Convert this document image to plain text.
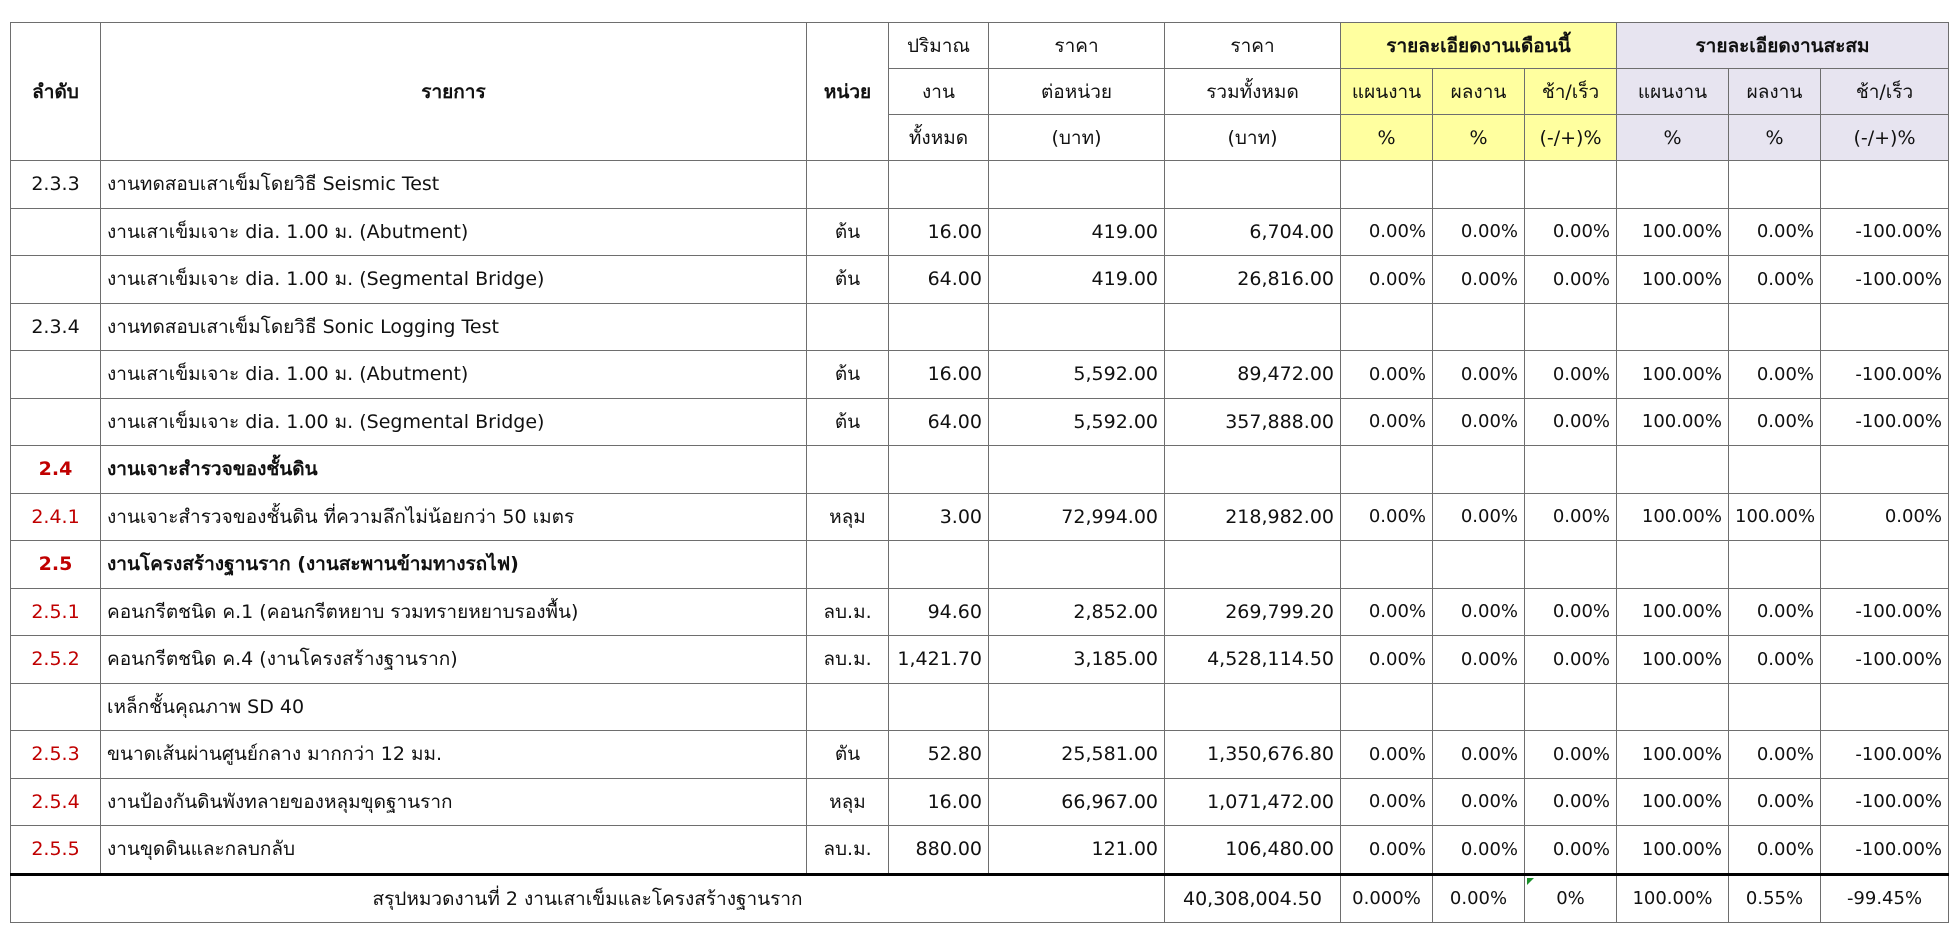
ลำดับ	รายการ	หน่วย	ปริมาณ	ราคา	ราคา	รายละเอียดงานเดือนนี้			รายละเอียดงานสะสม		
			งาน	ต่อหน่วย	รวมทั้งหมด	แผนงาน	ผลงาน	ช้า/เร็ว	แผนงาน	ผลงาน	ช้า/เร็ว
			ทั้งหมด	(บาท)	(บาท)	%	%	(-/+)%	%	%	(-/+)%
2.3.3	งานทดสอบเสาเข็มโดยวิธี Seismic Test										
	งานเสาเข็มเจาะ dia. 1.00 ม. (Abutment)	ต้น	16.00	419.00	6,704.00	0.00%	0.00%	0.00%	100.00%	0.00%	-100.00%
	งานเสาเข็มเจาะ dia. 1.00 ม. (Segmental Bridge)	ต้น	64.00	419.00	26,816.00	0.00%	0.00%	0.00%	100.00%	0.00%	-100.00%
2.3.4	งานทดสอบเสาเข็มโดยวิธี Sonic Logging Test										
	งานเสาเข็มเจาะ dia. 1.00 ม. (Abutment)	ต้น	16.00	5,592.00	89,472.00	0.00%	0.00%	0.00%	100.00%	0.00%	-100.00%
	งานเสาเข็มเจาะ dia. 1.00 ม. (Segmental Bridge)	ต้น	64.00	5,592.00	357,888.00	0.00%	0.00%	0.00%	100.00%	0.00%	-100.00%
2.4	งานเจาะสำรวจของชั้นดิน										
2.4.1	งานเจาะสำรวจของชั้นดิน ที่ความลึกไม่น้อยกว่า 50 เมตร	หลุม	3.00	72,994.00	218,982.00	0.00%	0.00%	0.00%	100.00%	100.00%	0.00%
2.5	งานโครงสร้างฐานราก (งานสะพานข้ามทางรถไฟ)										
2.5.1	คอนกรีตชนิด ค.1 (คอนกรีตหยาบ รวมทรายหยาบรองพื้น)	ลบ.ม.	94.60	2,852.00	269,799.20	0.00%	0.00%	0.00%	100.00%	0.00%	-100.00%
2.5.2	คอนกรีตชนิด ค.4 (งานโครงสร้างฐานราก)	ลบ.ม.	1,421.70	3,185.00	4,528,114.50	0.00%	0.00%	0.00%	100.00%	0.00%	-100.00%
	เหล็กชั้นคุณภาพ SD 40										
2.5.3	ขนาดเส้นผ่านศูนย์กลาง มากกว่า 12 มม.	ตัน	52.80	25,581.00	1,350,676.80	0.00%	0.00%	0.00%	100.00%	0.00%	-100.00%
2.5.4	งานป้องกันดินพังทลายของหลุมขุดฐานราก	หลุม	16.00	66,967.00	1,071,472.00	0.00%	0.00%	0.00%	100.00%	0.00%	-100.00%
2.5.5	งานขุดดินและกลบกลับ	ลบ.ม.	880.00	121.00	106,480.00	0.00%	0.00%	0.00%	100.00%	0.00%	-100.00%
สรุปหมวดงานที่ 2 งานเสาเข็มและโครงสร้างฐานราก					40,308,004.50	0.000%	0.00%	0%	100.00%	0.55%	-99.45%
